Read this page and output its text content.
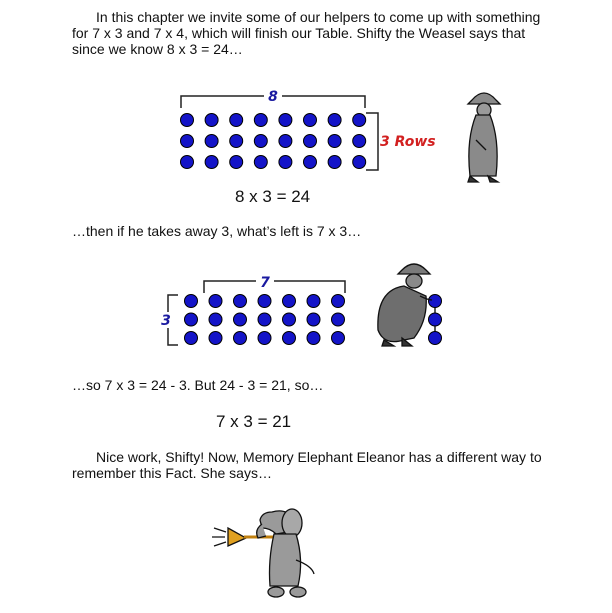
In this chapter we invite some of our helpers to come up with something for 7 x 3 and 7 x 4, which will finish our Table. Shifty the Weasel says that since we know 8 x 3 = 24…
8 x 3 = 24
…then if he takes away 3, what’s left is 7 x 3…
…so 7 x 3 = 24 - 3. But 24 - 3 = 21, so…
7 x 3 = 21
Nice work, Shifty! Now, Memory Elephant Eleanor has a different way to remember this Fact. She says…
8
3 Rows
7
3
